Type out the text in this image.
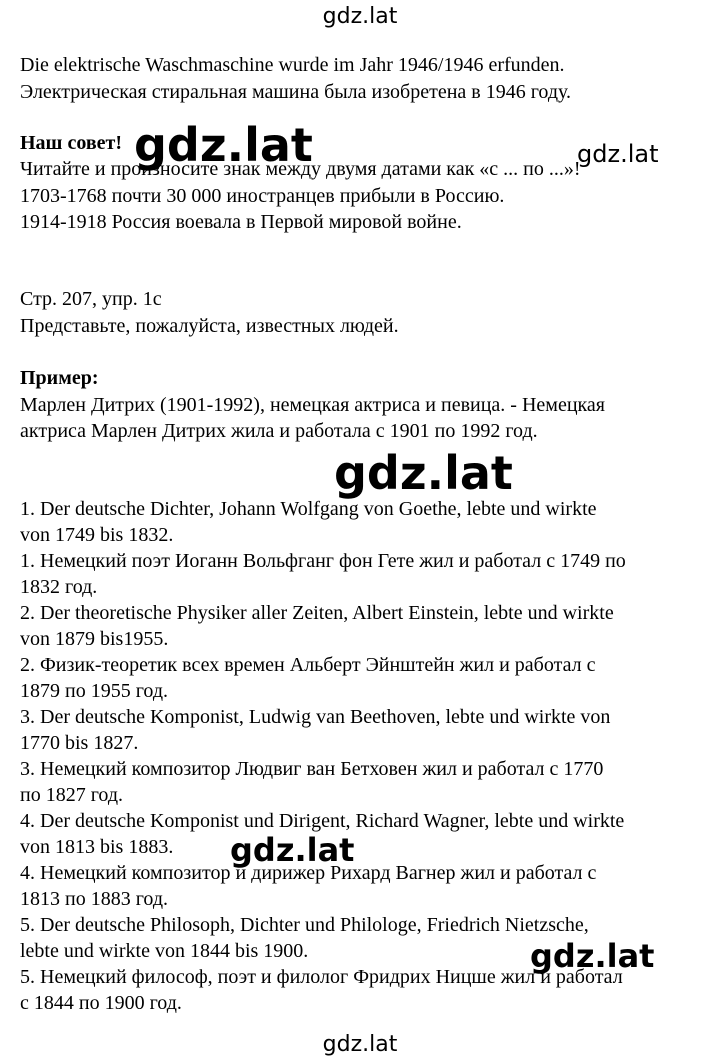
gdz.lat
Die elektrische Waschmaschine wurde im Jahr 1946/1946 erfunden.
Электрическая стиральная машина была изобретена в 1946 году.
Наш совет!
Читайте и произносите знак между двумя датами как «с ... по ...»!
1703-1768 почти 30 000 иностранцев прибыли в Россию.
1914-1918 Россия воевала в Первой мировой войне.
Стр. 207, упр. 1с
Представьте, пожалуйста, известных людей.
Пример:
Марлен Дитрих (1901-1992), немецкая актриса и певица. - Немецкая
актриса Марлен Дитрих жила и работала с 1901 по 1992 год.
1. Der deutsche Dichter, Johann Wolfgang von Goethe, lebte und wirkte
von 1749 bis 1832.
1. Немецкий поэт Иоганн Вольфганг фон Гете жил и работал с 1749 по
1832 год.
2. Der theoretische Physiker aller Zeiten, Albert Einstein, lebte und wirkte
von 1879 bis1955.
2. Физик-теоретик всех времен Альберт Эйнштейн жил и работал с
1879 по 1955 год.
3. Der deutsche Komponist, Ludwig van Beethoven, lebte und wirkte von
1770 bis 1827.
3. Немецкий композитор Людвиг ван Бетховен жил и работал с 1770
по 1827 год.
4. Der deutsche Komponist und Dirigent, Richard Wagner, lebte und wirkte
von 1813 bis 1883.
4. Немецкий композитор и дирижер Рихард Вагнер жил и работал с
1813 по 1883 год.
5. Der deutsche Philosoph, Dichter und Philologe, Friedrich Nietzsche,
lebte und wirkte von 1844 bis 1900.
5. Немецкий философ, поэт и филолог Фридрих Ницше жил и работал
с 1844 по 1900 год.
gdz.lat	gdz.lat
gdz.lat
gdz.lat
gdz.lat
gdz.lat
